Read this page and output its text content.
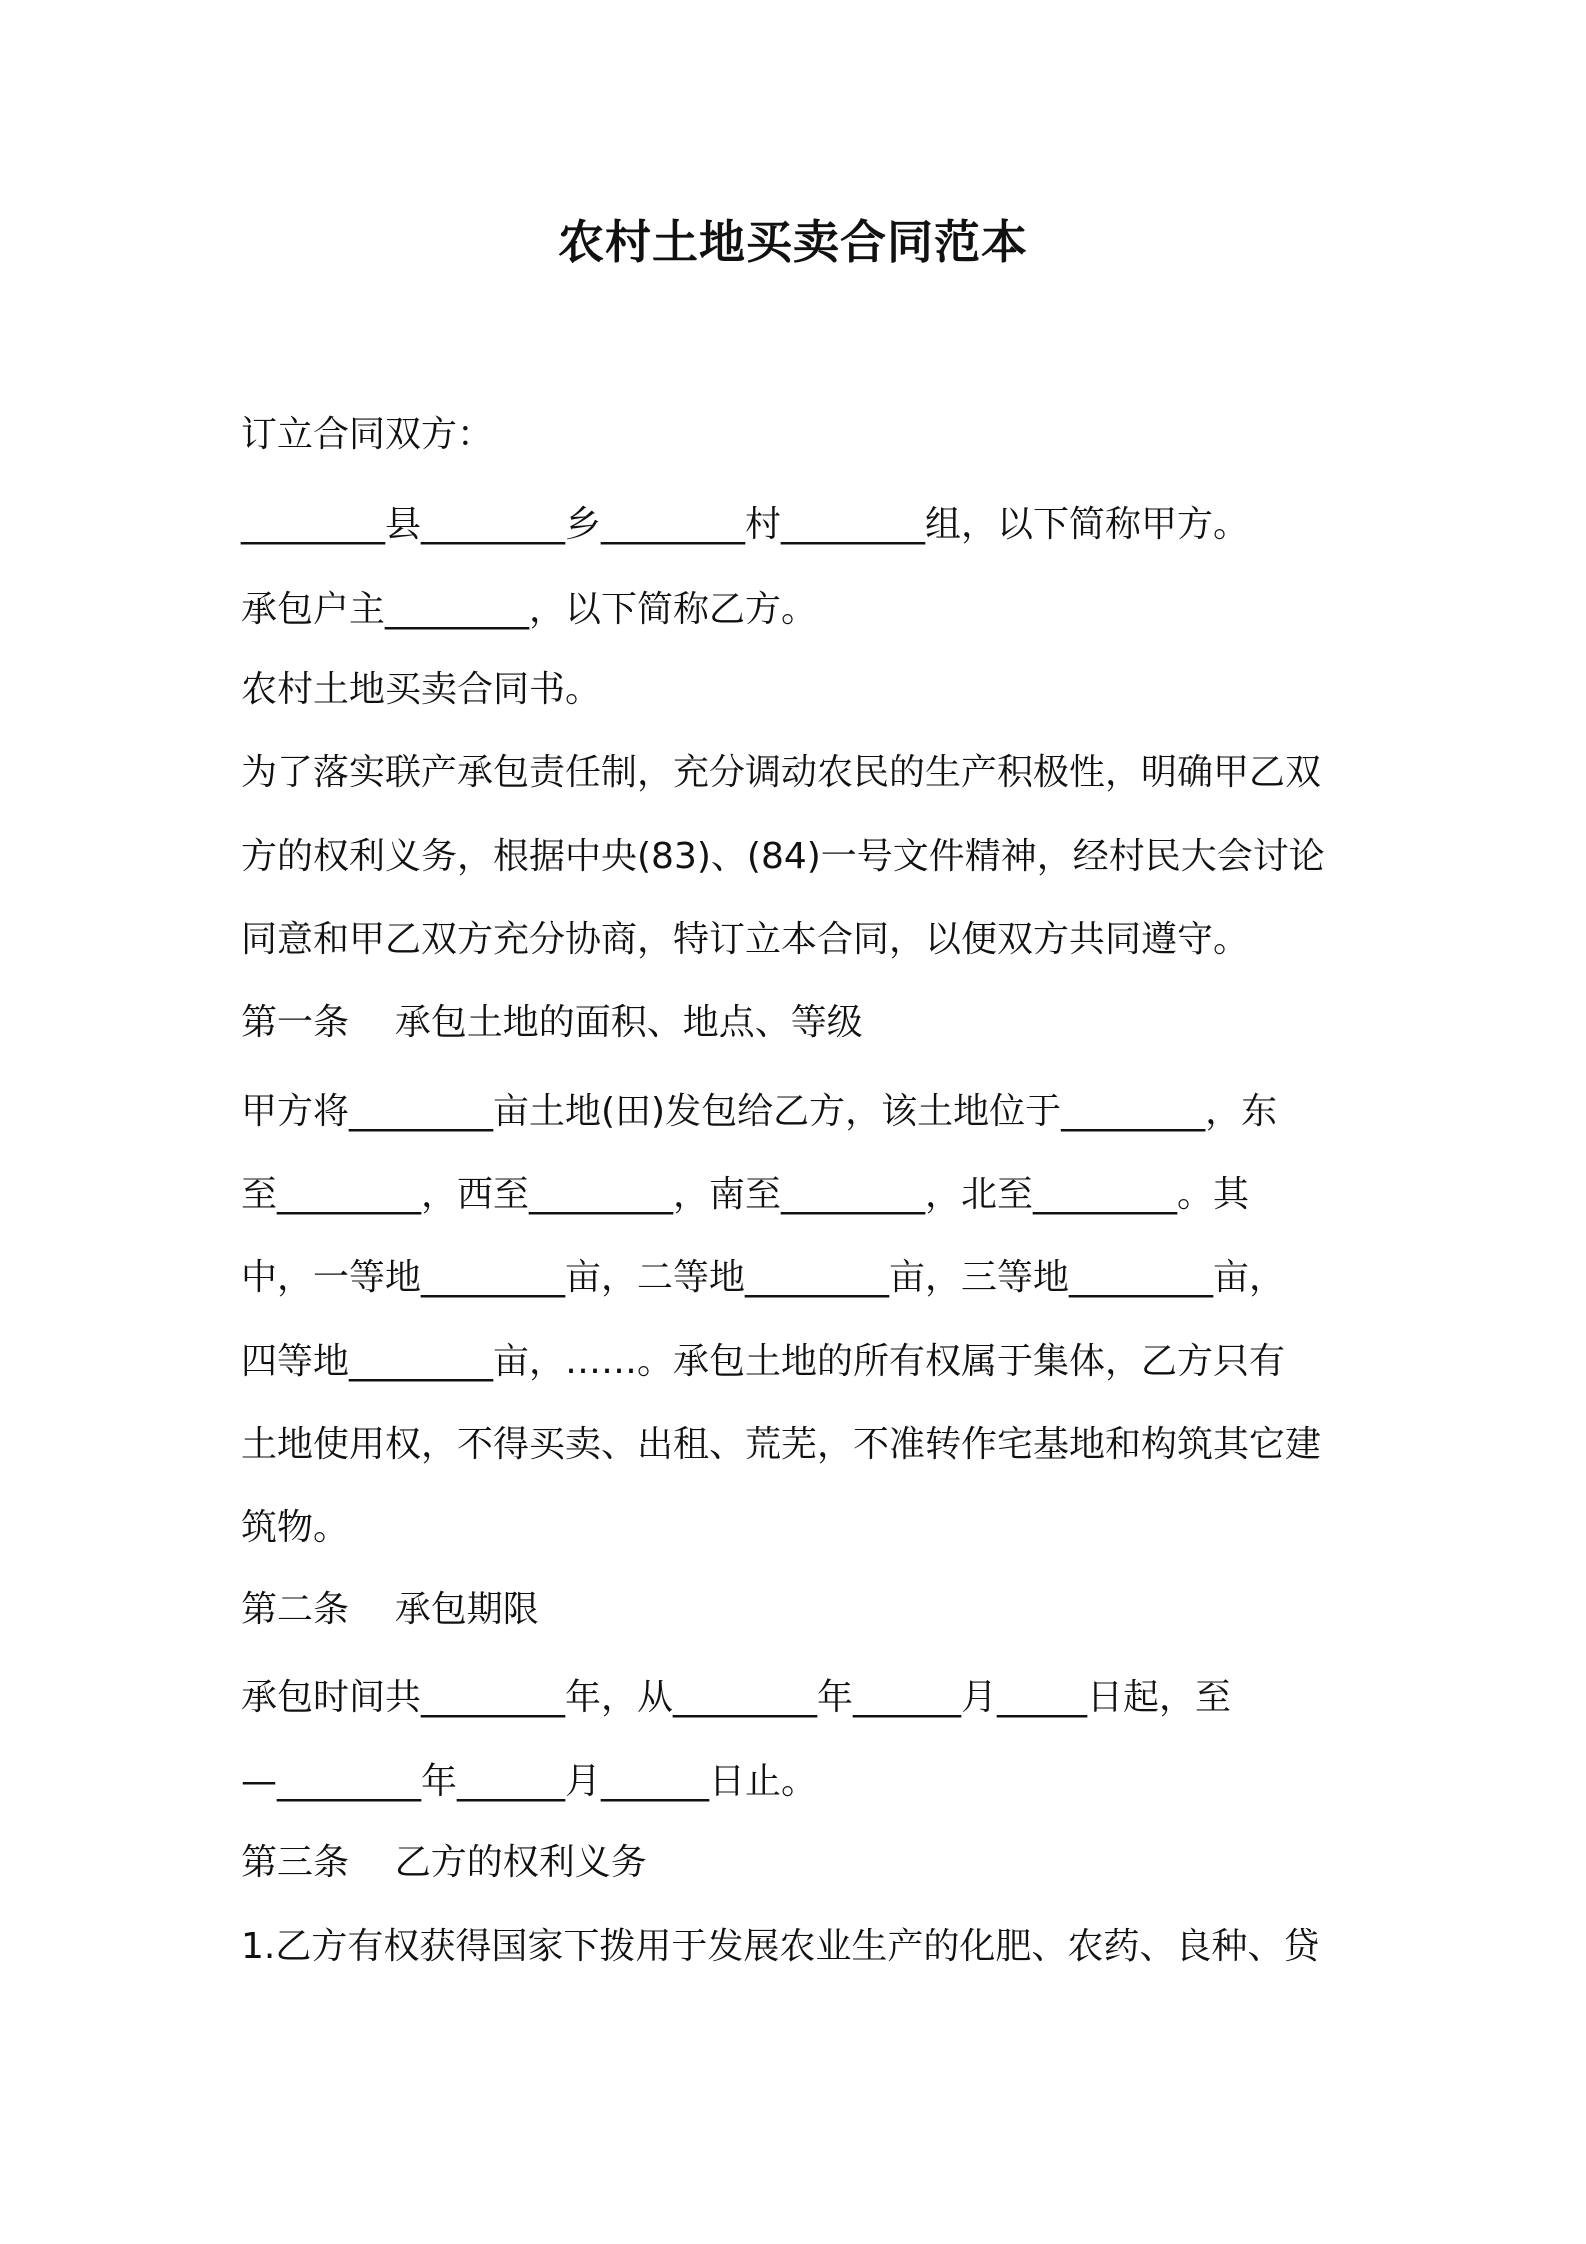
农村土地买卖合同范本
订立合同双方：
________县________乡________村________组，以下简称甲方。
承包户主________，以下简称乙方。
农村土地买卖合同书。
为了落实联产承包责任制，充分调动农民的生产积极性，明确甲乙双
方的权利义务，根据中央(83)、(84)一号文件精神，经村民大会讨论
同意和甲乙双方充分协商，特订立本合同，以便双方共同遵守。
第一条    承包土地的面积、地点、等级
甲方将________亩土地(田)发包给乙方，该土地位于________，东
至________，西至________，南至________，北至________。其
中，一等地________亩，二等地________亩，三等地________亩，
四等地________亩，……。承包土地的所有权属于集体，乙方只有
土地使用权，不得买卖、出租、荒芜，不准转作宅基地和构筑其它建
筑物。
第二条    承包期限
承包时间共________年，从________年______月_____日起，至
—________年______月______日止。
第三条    乙方的权利义务
1.乙方有权获得国家下拨用于发展农业生产的化肥、农药、良种、贷
